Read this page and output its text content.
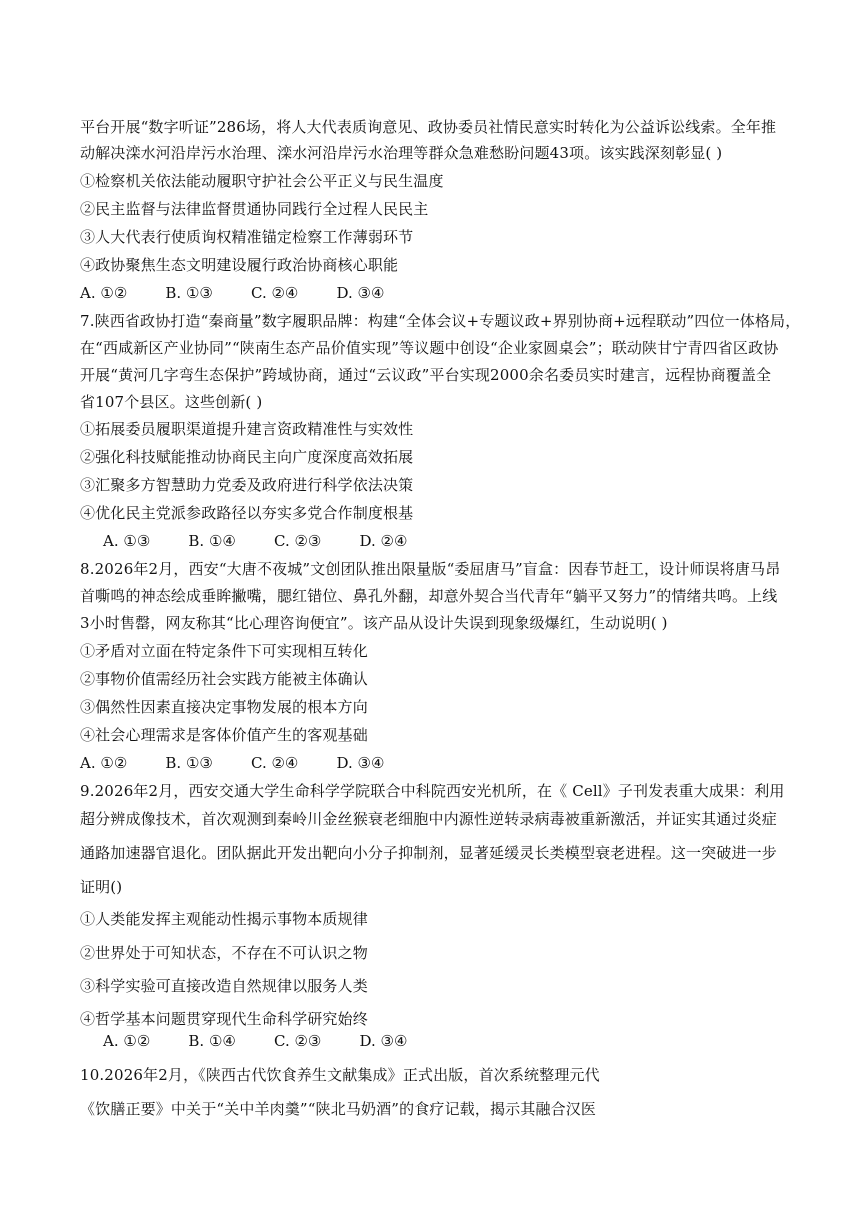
平台开展“数字听证”286场，将人大代表质询意见、政协委员社情民意实时转化为公益诉讼线索。全年推
动解决滦水河沿岸污水治理、滦水河沿岸污水治理等群众急难愁盼问题43项。该实践深刻彰显( )
①检察机关依法能动履职守护社会公平正义与民生温度
②民主监督与法律监督贯通协同践行全过程人民民主
③人大代表行使质询权精准锚定检察工作薄弱环节
④政协聚焦生态文明建设履行政治协商核心职能
A. ①②        B. ①③        C. ②④        D. ③④
7.陕西省政协打造“秦商量”数字履职品牌：构建“全体会议+专题议政+界别协商+远程联动”四位一体格局，
在“西咸新区产业协同”“陕南生态产品价值实现”等议题中创设“企业家圆桌会”；联动陕甘宁青四省区政协
开展“黄河几字弯生态保护”跨域协商，通过“云议政”平台实现2000余名委员实时建言，远程协商覆盖全
省107个县区。这些创新( )
①拓展委员履职渠道提升建言资政精准性与实效性
②强化科技赋能推动协商民主向广度深度高效拓展
③汇聚多方智慧助力党委及政府进行科学依法决策
④优化民主党派参政路径以夯实多党合作制度根基
A. ①③        B. ①④        C. ②③        D. ②④
8.2026年2月，西安“大唐不夜城”文创团队推出限量版“委屈唐马”盲盒：因春节赶工，设计师误将唐马昂
首嘶鸣的神态绘成垂眸撇嘴，腮红错位、鼻孔外翻，却意外契合当代青年“躺平又努力”的情绪共鸣。上线
3小时售罄，网友称其“比心理咨询便宜”。该产品从设计失误到现象级爆红，生动说明( )
①矛盾对立面在特定条件下可实现相互转化
②事物价值需经历社会实践方能被主体确认
③偶然性因素直接决定事物发展的根本方向
④社会心理需求是客体价值产生的客观基础
A. ①②        B. ①③        C. ②④        D. ③④
9.2026年2月，西安交通大学生命科学学院联合中科院西安光机所，在《 Cell》子刊发表重大成果：利用
超分辨成像技术，首次观测到秦岭川金丝猴衰老细胞中内源性逆转录病毒被重新激活，并证实其通过炎症
通路加速器官退化。团队据此开发出靶向小分子抑制剂，显著延缓灵长类模型衰老进程。这一突破进一步
证明()
①人类能发挥主观能动性揭示事物本质规律
②世界处于可知状态，不存在不可认识之物
③科学实验可直接改造自然规律以服务人类
④哲学基本问题贯穿现代生命科学研究始终
A. ①②        B. ①④        C. ②③        D. ③④
10.2026年2月，《陕西古代饮食养生文献集成》正式出版，首次系统整理元代
《饮膳正要》中关于“关中羊肉羹”“陕北马奶酒”的食疗记载，揭示其融合汉医
